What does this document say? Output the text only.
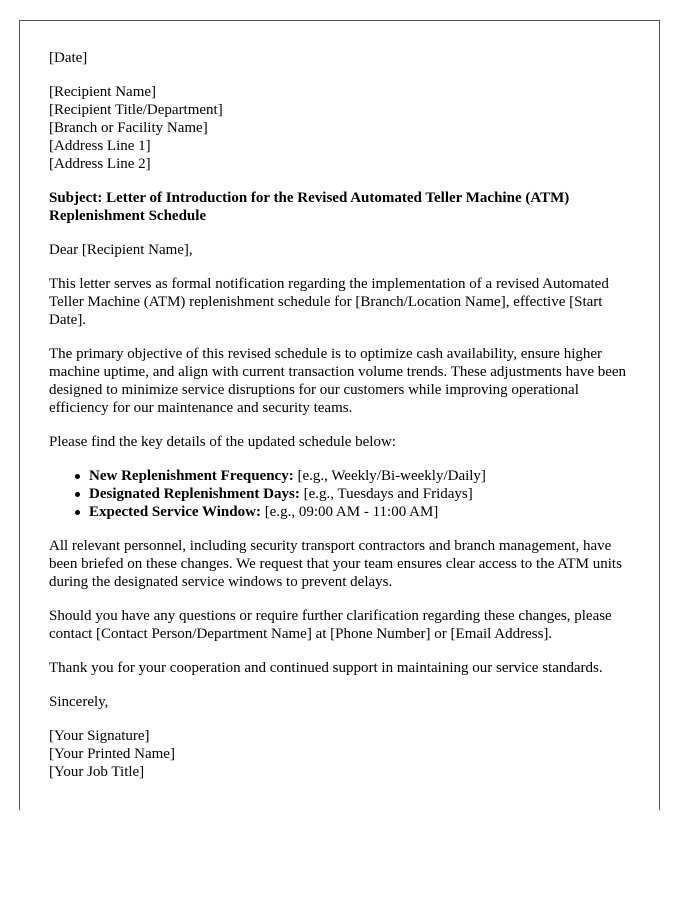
[Date]

[Recipient Name]
[Recipient Title/Department]
[Branch or Facility Name]
[Address Line 1]
[Address Line 2]

Subject: Letter of Introduction for the Revised Automated Teller Machine (ATM) Replenishment Schedule

Dear [Recipient Name],

This letter serves as formal notification regarding the implementation of a revised Automated Teller Machine (ATM) replenishment schedule for [Branch/Location Name], effective [Start Date].

The primary objective of this revised schedule is to optimize cash availability, ensure higher machine uptime, and align with current transaction volume trends. These adjustments have been designed to minimize service disruptions for our customers while improving operational efficiency for our maintenance and security teams.

Please find the key details of the updated schedule below:

New Replenishment Frequency: [e.g., Weekly/Bi-weekly/Daily]
Designated Replenishment Days: [e.g., Tuesdays and Fridays]
Expected Service Window: [e.g., 09:00 AM - 11:00 AM]

All relevant personnel, including security transport contractors and branch management, have been briefed on these changes. We request that your team ensures clear access to the ATM units during the designated service windows to prevent delays.

Should you have any questions or require further clarification regarding these changes, please contact [Contact Person/Department Name] at [Phone Number] or [Email Address].

Thank you for your cooperation and continued support in maintaining our service standards.

Sincerely,

[Your Signature]
[Your Printed Name]
[Your Job Title]
